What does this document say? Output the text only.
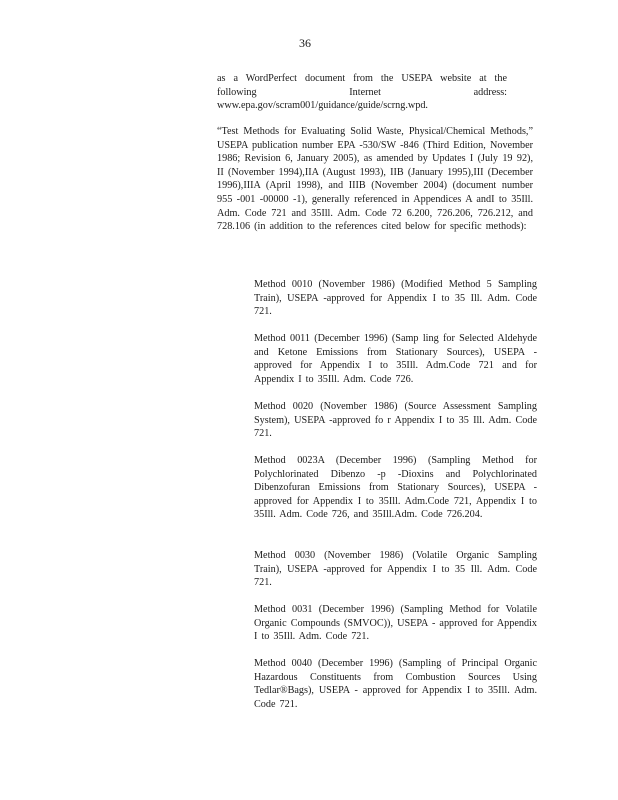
36

as a WordPerfect document from the USEPA website at the following Internet address: www.epa.gov/scram001/guidance/guide/scrng.wpd.

“Test Methods for Evaluating Solid Waste, Physical/Chemical Methods,” USEPA publication number EPA -530/SW -846 (Third Edition, November 1986; Revision 6, January 2005), as amended by Updates I (July 19 92), II (November 1994),IIA (August 1993), IIB (January 1995),III (December 1996),IIIA (April 1998), and IIIB (November 2004) (document number 955 -001 -00000 -1), generally referenced in Appendices A andI to 35Ill. Adm. Code 721 and 35Ill. Adm. Code 72 6.200, 726.206, 726.212, and 728.106 (in addition to the references cited below for specific methods):

Method 0010 (November 1986) (Modified Method 5 Sampling Train), USEPA -approved for Appendix I to 35 Ill. Adm. Code 721.

Method 0011 (December 1996) (Samp ling for Selected Aldehyde and Ketone Emissions from Stationary Sources), USEPA -approved for Appendix I to 35Ill. Adm.Code 721 and for Appendix I to 35Ill. Adm. Code 726.

Method 0020 (November 1986) (Source Assessment Sampling System), USEPA -approved fo r Appendix I to 35 Ill. Adm. Code 721.

Method 0023A (December 1996) (Sampling Method for Polychlorinated Dibenzo -p -Dioxins and Polychlorinated Dibenzofuran Emissions from Stationary Sources), USEPA -approved for Appendix I to 35Ill. Adm.Code 721, Appendix I to 35Ill. Adm. Code 726, and 35Ill.Adm. Code 726.204.

Method 0030 (November 1986) (Volatile Organic Sampling Train), USEPA -approved for Appendix I to 35 Ill. Adm. Code 721.

Method 0031 (December 1996) (Sampling Method for Volatile Organic Compounds (SMVOC)), USEPA - approved for Appendix I to 35Ill. Adm. Code 721.

Method 0040 (December 1996) (Sampling of Principal Organic Hazardous Constituents from Combustion Sources Using Tedlar®Bags), USEPA - approved for Appendix I to 35Ill. Adm. Code 721.
